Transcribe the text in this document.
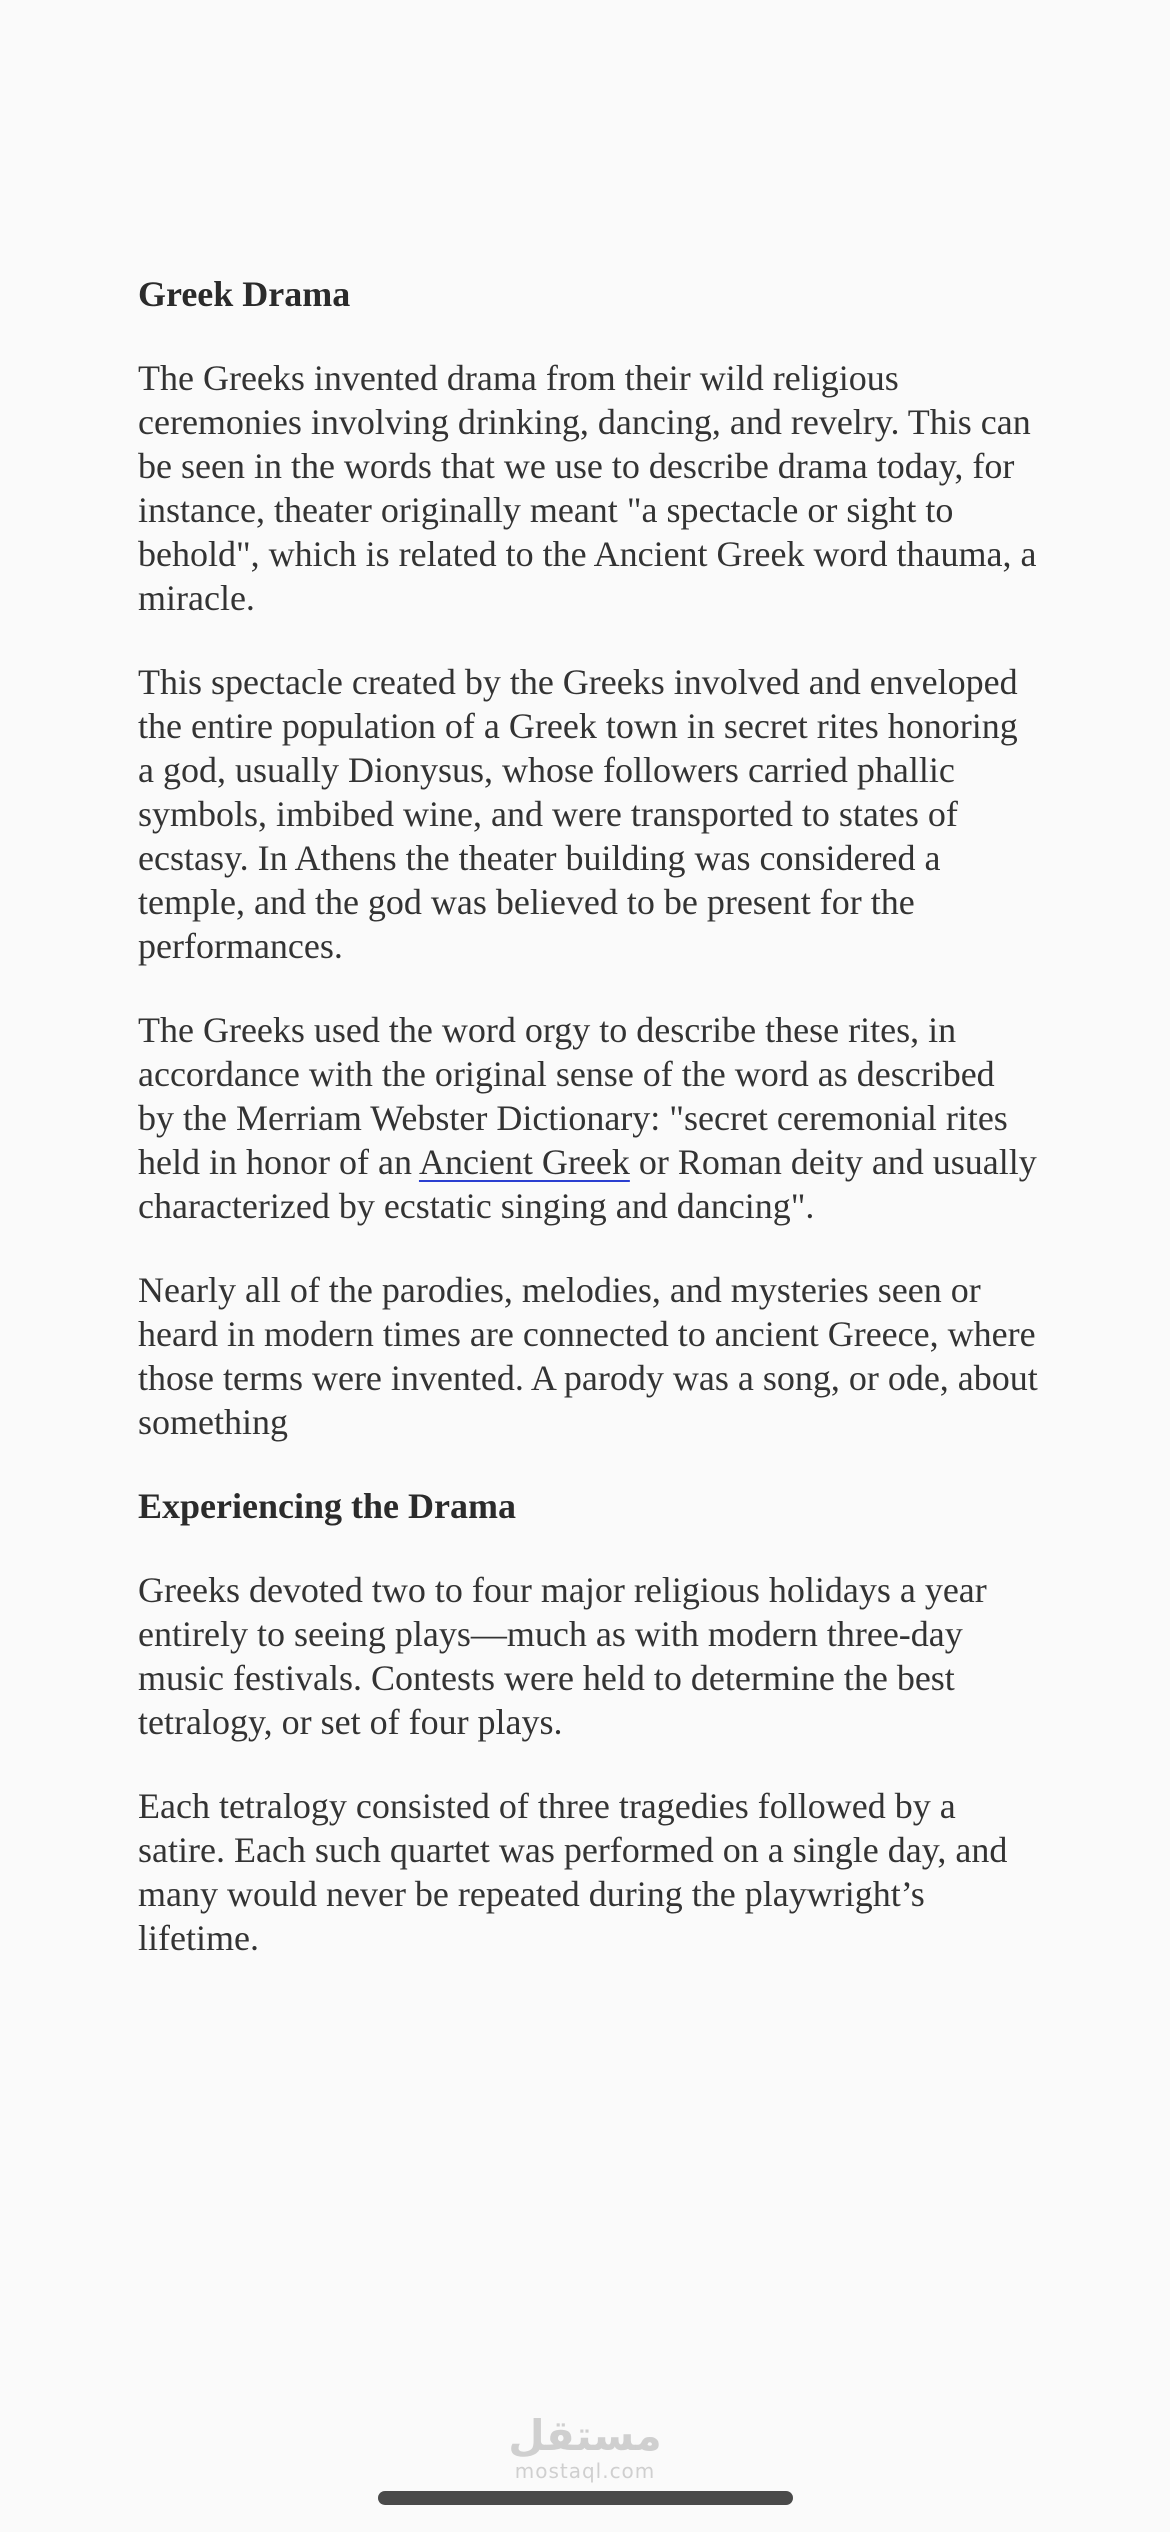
Greek Drama

The Greeks invented drama from their wild religious ceremonies involving drinking, dancing, and revelry. This can be seen in the words that we use to describe drama today, for instance, theater originally meant "a spectacle or sight to behold", which is related to the Ancient Greek word thauma, a miracle.

This spectacle created by the Greeks involved and enveloped the entire population of a Greek town in secret rites honoring a god, usually Dionysus, whose followers carried phallic symbols, imbibed wine, and were transported to states of ecstasy. In Athens the theater building was considered a temple, and the god was believed to be present for the performances.

The Greeks used the word orgy to describe these rites, in accordance with the original sense of the word as described by the Merriam Webster Dictionary: "secret ceremonial rites held in honor of an Ancient Greek or Roman deity and usually characterized by ecstatic singing and dancing".

Nearly all of the parodies, melodies, and mysteries seen or heard in modern times are connected to ancient Greece, where those terms were invented. A parody was a song, or ode, about something

Experiencing the Drama

Greeks devoted two to four major religious holidays a year entirely to seeing plays—much as with modern three-day music festivals. Contests were held to determine the best tetralogy, or set of four plays.

Each tetralogy consisted of three tragedies followed by a satire. Each such quartet was performed on a single day, and many would never be repeated during the playwright’s lifetime.

مستقل
mostaql.com
